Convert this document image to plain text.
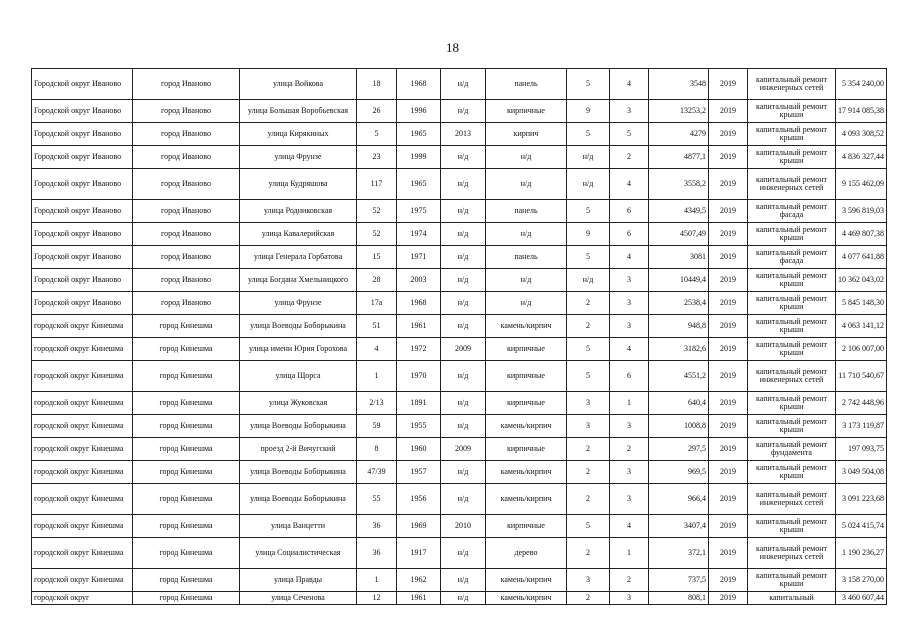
18
Городской округ Иваново	город Иваново	улица Войкова	18	1968	н/д	панель	5	4	3548	2019	капитальный ремонт инженерных сетей	5 354 240,00
Городской округ Иваново	город Иваново	улица Большая Воробьевская	26	1996	н/д	кирпичные	9	3	13253,2	2019	капитальный ремонт крыши	17 914 085,38
Городской округ Иваново	город Иваново	улица Кирякиных	5	1965	2013	кирпич	5	5	4279	2019	капитальный ремонт крыши	4 093 308,52
Городской округ Иваново	город Иваново	улица Фрунзе	23	1999	н/д	н/д	н/д	2	4877,1	2019	капитальный ремонт крыши	4 836 327,44
Городской округ Иваново	город Иваново	улица Кудряшова	117	1965	н/д	н/д	н/д	4	3558,2	2019	капитальный ремонт инженерных сетей	9 155 462,09
Городской округ Иваново	город Иваново	улица Родниковская	52	1975	н/д	панель	5	6	4349,5	2019	капитальный ремонт фасада	3 596 819,03
Городской округ Иваново	город Иваново	улица Кавалерийская	52	1974	н/д	н/д	9	6	4507,49	2019	капитальный ремонт крыши	4 469 807,38
Городской округ Иваново	город Иваново	улица Генерала Горбатова	15	1971	н/д	панель	5	4	3081	2019	капитальный ремонт фасада	4 077 641,88
Городской округ Иваново	город Иваново	улица Богдана Хмельницкого	28	2003	н/д	н/д	н/д	3	10449,4	2019	капитальный ремонт крыши	10 362 043,02
Городской округ Иваново	город Иваново	улица Фрунзе	17а	1968	н/д	н/д	2	3	2538,4	2019	капитальный ремонт крыши	5 845 148,30
городской округ Кинешма	город Кинешма	улица Воеводы Боборыкина	51	1961	н/д	камень/кирпич	2	3	948,8	2019	капитальный ремонт крыши	4 063 141,12
городской округ Кинешма	город Кинешма	улица имени Юрия Горохова	4	1972	2009	кирпичные	5	4	3182,6	2019	капитальный ремонт крыши	2 106 007,00
городской округ Кинешма	город Кинешма	улица Щорса	1	1970	н/д	кирпичные	5	6	4551,2	2019	капитальный ремонт инженерных сетей	11 710 540,67
городской округ Кинешма	город Кинешма	улица Жуковская	2/13	1891	н/д	кирпичные	3	1	640,4	2019	капитальный ремонт крыши	2 742 448,96
городской округ Кинешма	город Кинешма	улица Воеводы Боборыкина	59	1955	н/д	камень/кирпич	3	3	1008,8	2019	капитальный ремонт крыши	3 173 119,87
городской округ Кинешма	город Кинешма	проезд 2-й Вичугский	8	1960	2009	кирпичные	2	2	297,5	2019	капитальный ремонт фундамента	197 093,75
городской округ Кинешма	город Кинешма	улица Воеводы Боборыкина	47/39	1957	н/д	камень/кирпич	2	3	969,5	2019	капитальный ремонт крыши	3 049 504,08
городской округ Кинешма	город Кинешма	улица Воеводы Боборыкина	55	1956	н/д	камень/кирпич	2	3	966,4	2019	капитальный ремонт инженерных сетей	3 091 223,68
городской округ Кинешма	город Кинешма	улица Ванцетти	36	1969	2010	кирпичные	5	4	3407,4	2019	капитальный ремонт крыши	5 024 415,74
городской округ Кинешма	город Кинешма	улица Социалистическая	36	1917	н/д	дерево	2	1	372,1	2019	капитальный ремонт инженерных сетей	1 190 236,27
городской округ Кинешма	город Кинешма	улица Правды	1	1962	н/д	камень/кирпич	3	2	737,5	2019	капитальный ремонт крыши	3 158 270,00
городской округ	город Кинешма	улица Сеченова	12	1961	н/д	камень/кирпич	2	3	808,1	2019	капитальный	3 460 607,44
